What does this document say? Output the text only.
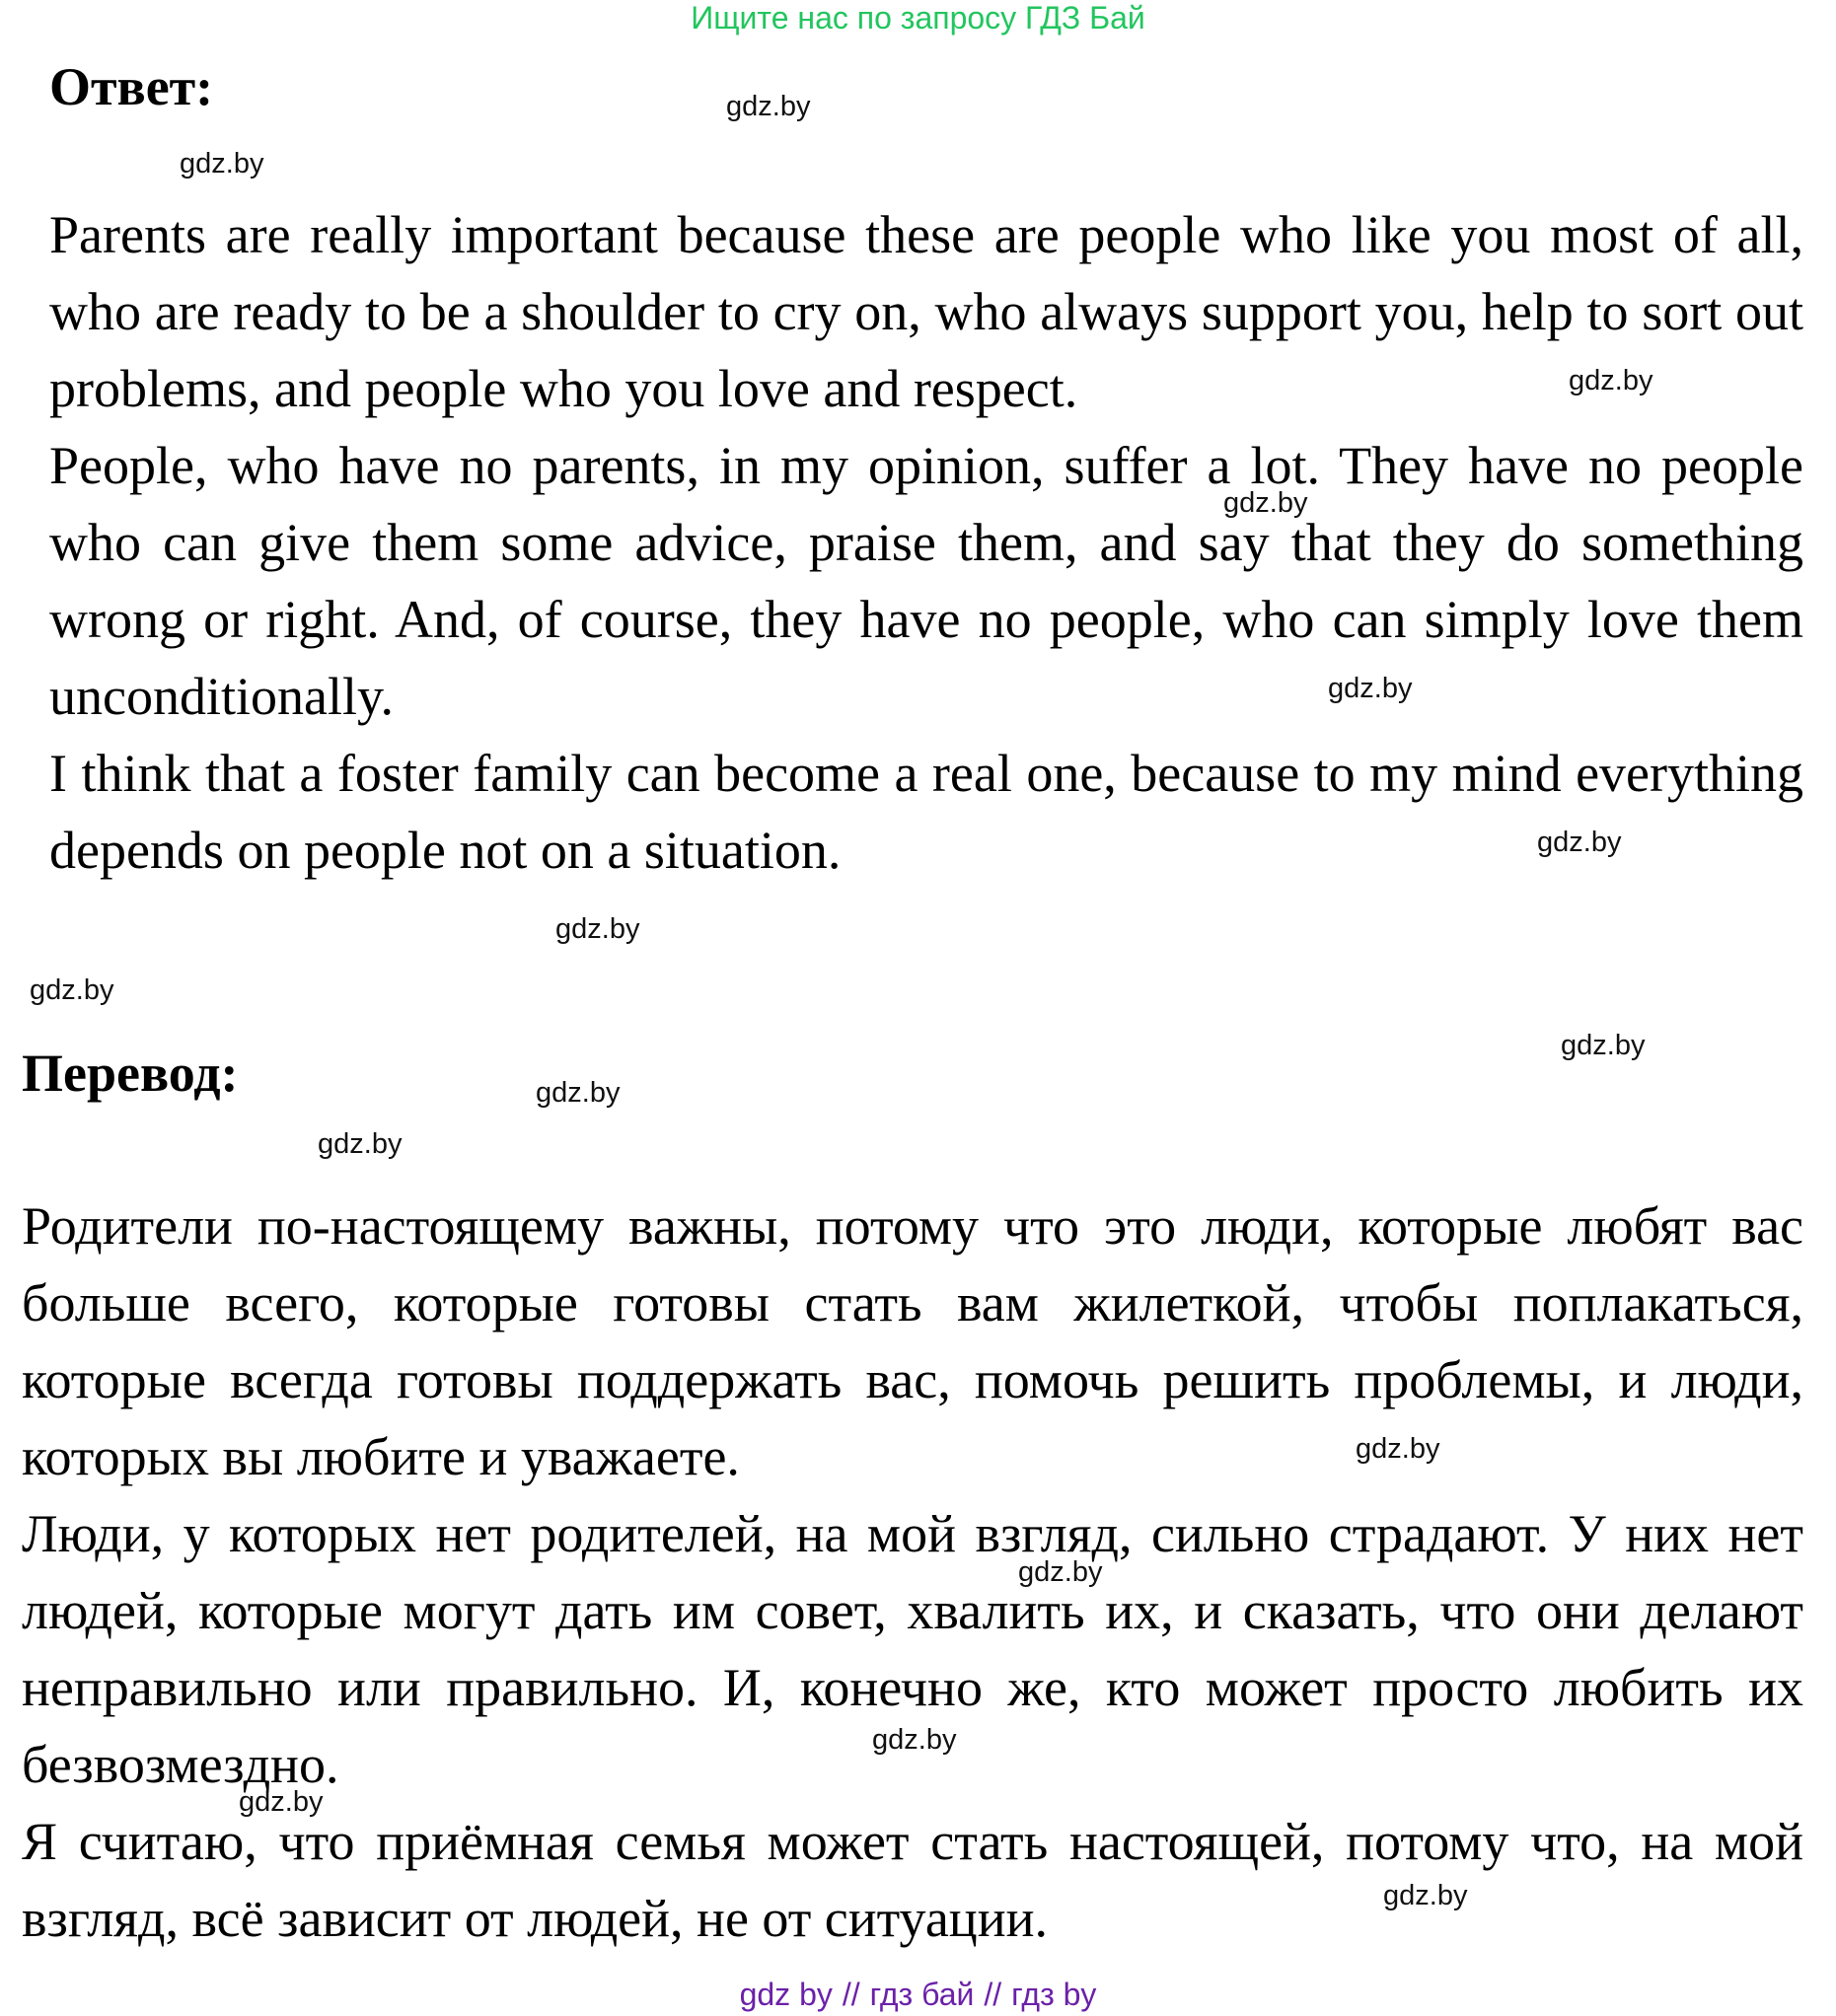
Ищите нас по запросу ГДЗ Бай
Ответ:

Parents are really important because these are people who like you most of all, who are ready to be a shoulder to cry on, who always support you, help to sort out problems, and people who you love and respect.

People, who have no parents, in my opinion, suffer a lot. They have no people who can give them some advice, praise them, and say that they do something wrong or right. And, of course, they have no people, who can simply love them unconditionally.

I think that a foster family can become a real one, because to my mind everything depends on people not on a situation.

Перевод:

Родители по-настоящему важны, потому что это люди, которые любят вас больше всего, которые готовы стать вам жилеткой, чтобы поплакаться, которые всегда готовы поддержать вас, помочь решить проблемы, и люди, которых вы любите и уважаете.

Люди, у которых нет родителей, на мой взгляд, сильно страдают. У них нет людей, которые могут дать им совет, хвалить их, и сказать, что они делают неправильно или правильно. И, конечно же, кто может просто любить их безвозмездно.

Я считаю, что приёмная семья может стать настоящей, потому что, на мой взгляд, всё зависит от людей, не от ситуации.

gdz.by
gdz.by
gdz.by
gdz.by
gdz.by
gdz.by
gdz.by
gdz.by
gdz.by
gdz.by
gdz.by
gdz.by
gdz.by
gdz.by
gdz.by
gdz.by
gdz by // гдз бай // гдз by
